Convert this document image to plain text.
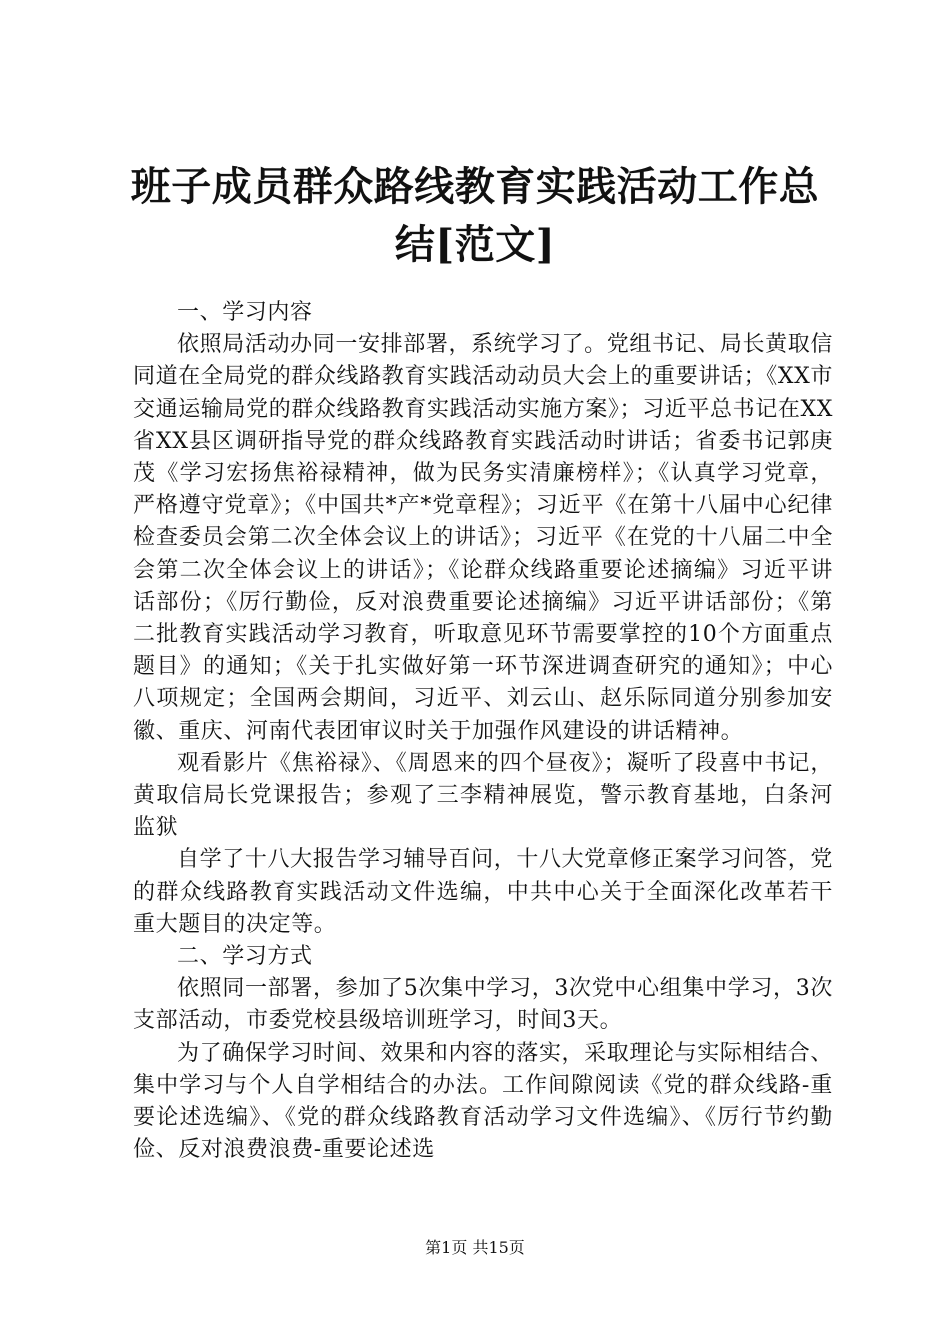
班子成员群众路线教育实践活动工作总结[范文]

一、学习内容

依照局活动办同一安排部署，系统学习了。党组书记、局长黄取信同道在全局党的群众线路教育实践活动动员大会上的重要讲话；《XX市交通运输局党的群众线路教育实践活动实施方案》；习近平总书记在XX省XX县区调研指导党的群众线路教育实践活动时讲话；省委书记郭庚茂《学习宏扬焦裕禄精神，做为民务实清廉榜样》；《认真学习党章，严格遵守党章》；《中国共*产*党章程》；习近平《在第十八届中心纪律检查委员会第二次全体会议上的讲话》；习近平《在党的十八届二中全会第二次全体会议上的讲话》；《论群众线路重要论述摘编》习近平讲话部份；《厉行勤俭，反对浪费重要论述摘编》习近平讲话部份；《第二批教育实践活动学习教育，听取意见环节需要掌控的10个方面重点题目》的通知；《关于扎实做好第一环节深进调查研究的通知》；中心八项规定；全国两会期间，习近平、刘云山、赵乐际同道分别参加安徽、重庆、河南代表团审议时关于加强作风建设的讲话精神。

观看影片《焦裕禄》、《周恩来的四个昼夜》；凝听了段喜中书记，黄取信局长党课报告；参观了三李精神展览，警示教育基地，白条河监狱

自学了十八大报告学习辅导百问，十八大党章修正案学习问答，党的群众线路教育实践活动文件选编，中共中心关于全面深化改革若干重大题目的决定等。

二、学习方式

依照同一部署，参加了5次集中学习，3次党中心组集中学习，3次支部活动，市委党校县级培训班学习，时间3天。

为了确保学习时间、效果和内容的落实，采取理论与实际相结合、集中学习与个人自学相结合的办法。工作间隙阅读《党的群众线路-重要论述选编》、《党的群众线路教育活动学习文件选编》、《厉行节约勤俭、反对浪费浪费-重要论述选

第1页 共15页
